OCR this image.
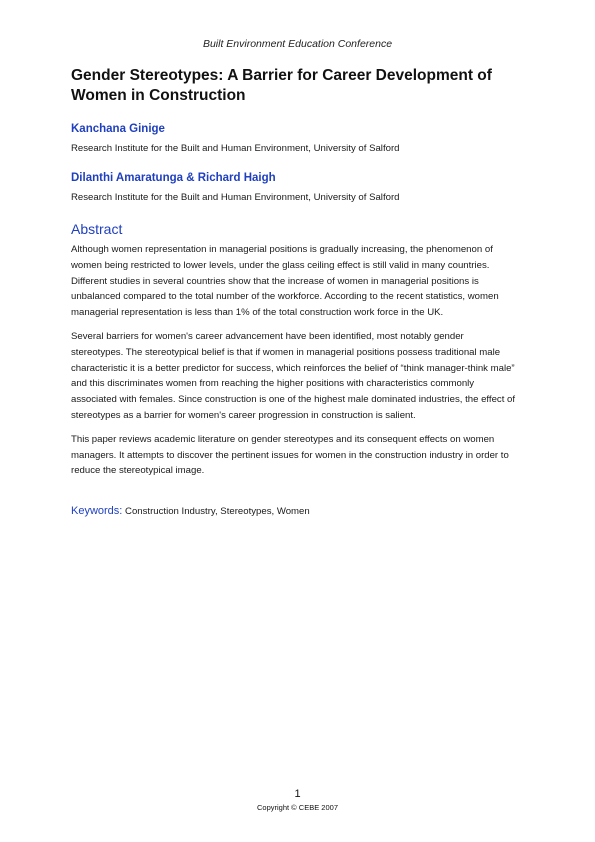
Built Environment Education Conference
Gender Stereotypes: A Barrier for Career Development of Women in Construction
Kanchana Ginige
Research Institute for the Built and Human Environment, University of Salford
Dilanthi Amaratunga & Richard Haigh
Research Institute for the Built and Human Environment, University of Salford
Abstract

Although women representation in managerial positions is gradually increasing, the phenomenon of women being restricted to lower levels, under the glass ceiling effect is still valid in many countries. Different studies in several countries show that the increase of women in managerial positions is unbalanced compared to the total number of the workforce. According to the recent statistics, women managerial representation is less than 1% of the total construction work force in the UK.

Several barriers for women's career advancement have been identified, most notably gender stereotypes. The stereotypical belief is that if women in managerial positions possess traditional male characteristic it is a better predictor for success, which reinforces the belief of “think manager-think male” and this discriminates women from reaching the higher positions with characteristics commonly associated with females. Since construction is one of the highest male dominated industries, the effect of stereotypes as a barrier for women's career progression in construction is salient.

This paper reviews academic literature on gender stereotypes and its consequent effects on women managers. It attempts to discover the pertinent issues for women in the construction industry in order to reduce the stereotypical image.

Keywords: Construction Industry, Stereotypes, Women

1
Copyright © CEBE 2007
